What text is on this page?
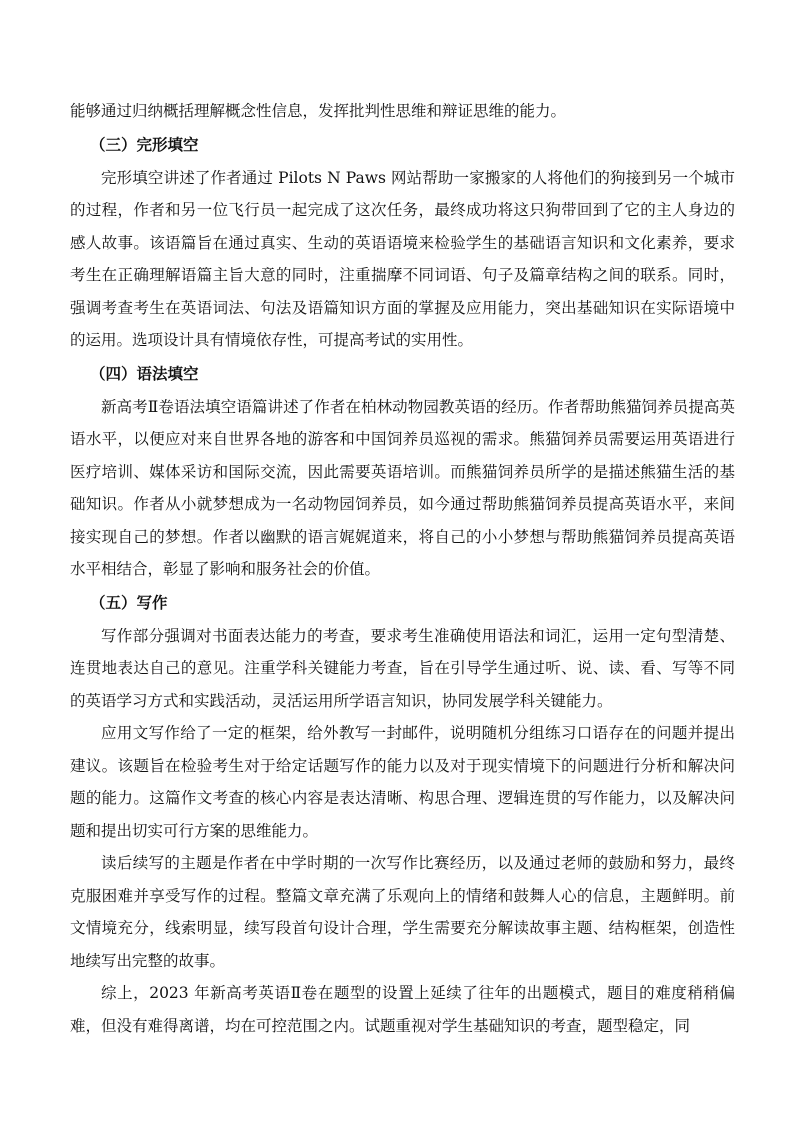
能够通过归纳概括理解概念性信息，发挥批判性思维和辩证思维的能力。
（三）完形填空
完形填空讲述了作者通过 Pilots N Paws 网站帮助一家搬家的人将他们的狗接到另一个城市的过程，作者和另一位飞行员一起完成了这次任务，最终成功将这只狗带回到了它的主人身边的感人故事。该语篇旨在通过真实、生动的英语语境来检验学生的基础语言知识和文化素养，要求考生在正确理解语篇主旨大意的同时，注重揣摩不同词语、句子及篇章结构之间的联系。同时，强调考查考生在英语词法、句法及语篇知识方面的掌握及应用能力，突出基础知识在实际语境中的运用。选项设计具有情境依存性，可提高考试的实用性。
（四）语法填空
新高考Ⅱ卷语法填空语篇讲述了作者在柏林动物园教英语的经历。作者帮助熊猫饲养员提高英语水平，以便应对来自世界各地的游客和中国饲养员巡视的需求。熊猫饲养员需要运用英语进行医疗培训、媒体采访和国际交流，因此需要英语培训。而熊猫饲养员所学的是描述熊猫生活的基础知识。作者从小就梦想成为一名动物园饲养员，如今通过帮助熊猫饲养员提高英语水平，来间接实现自己的梦想。作者以幽默的语言娓娓道来，将自己的小小梦想与帮助熊猫饲养员提高英语水平相结合，彰显了影响和服务社会的价值。
（五）写作
写作部分强调对书面表达能力的考查，要求考生准确使用语法和词汇，运用一定句型清楚、连贯地表达自己的意见。注重学科关键能力考查，旨在引导学生通过听、说、读、看、写等不同的英语学习方式和实践活动，灵活运用所学语言知识，协同发展学科关键能力。
应用文写作给了一定的框架，给外教写一封邮件，说明随机分组练习口语存在的问题并提出建议。该题旨在检验考生对于给定话题写作的能力以及对于现实情境下的问题进行分析和解决问题的能力。这篇作文考查的核心内容是表达清晰、构思合理、逻辑连贯的写作能力，以及解决问题和提出切实可行方案的思维能力。
读后续写的主题是作者在中学时期的一次写作比赛经历，以及通过老师的鼓励和努力，最终克服困难并享受写作的过程。整篇文章充满了乐观向上的情绪和鼓舞人心的信息，主题鲜明。前文情境充分，线索明显，续写段首句设计合理，学生需要充分解读故事主题、结构框架，创造性地续写出完整的故事。
综上，2023 年新高考英语Ⅱ卷在题型的设置上延续了往年的出题模式，题目的难度稍稍偏难，但没有难得离谱，均在可控范围之内。试题重视对学生基础知识的考查，题型稳定，同
